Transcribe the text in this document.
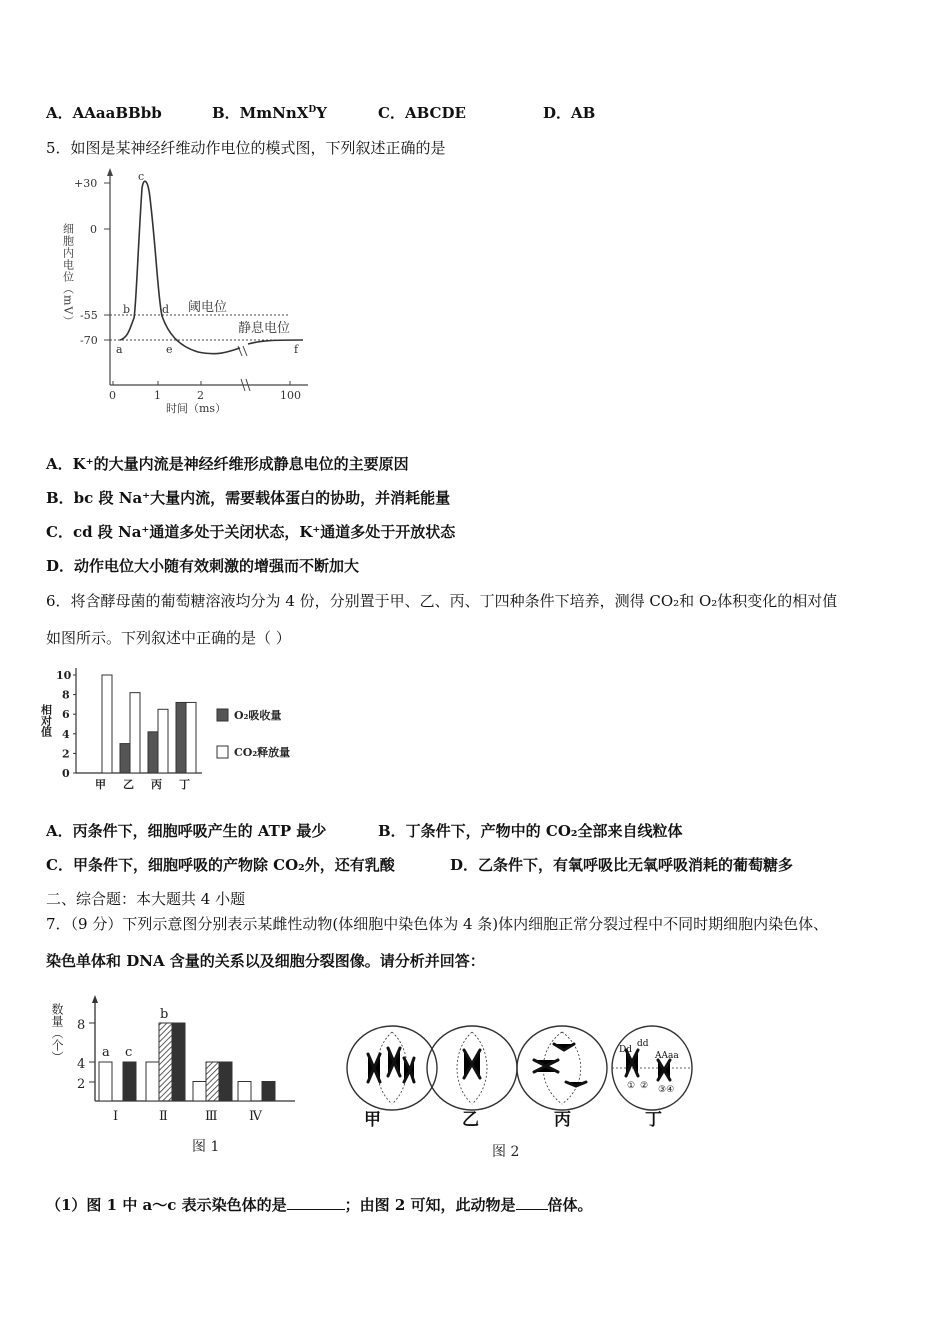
A．AAaaBBbb	B．MmNnX$^D$Y	C．ABCDE	D．AB
5．如图是某神经纤维动作电位的模式图，下列叙述正确的是
+30
0
-55
-70
细胞内电位（mV）
0	1	2	100
时间（ms）
c
b	d
a	e	f
阈电位
静息电位
A．K⁺的大量内流是神经纤维形成静息电位的主要原因
B．bc 段 Na⁺大量内流，需要载体蛋白的协助，并消耗能量
C．cd 段 Na⁺通道多处于关闭状态，K⁺通道多处于开放状态
D．动作电位大小随有效刺激的增强而不断加大
6．将含酵母菌的葡萄糖溶液均分为 4 份，分别置于甲、乙、丙、丁四种条件下培养，测得 CO₂和 O₂体积变化的相对值
如图所示。下列叙述中正确的是（ ）
相对值
0
2
4
6
8
10
甲 乙 丙 丁
O₂吸收量
CO₂释放量
A．丙条件下，细胞呼吸产生的 ATP 最少	B．丁条件下，产物中的 CO₂全部来自线粒体
C．甲条件下，细胞呼吸的产物除 CO₂外，还有乳酸	D．乙条件下，有氧呼吸比无氧呼吸消耗的葡萄糖多
二、综合题：本大题共 4 小题
7．（9 分）下列示意图分别表示某雌性动物(体细胞中染色体为 4 条)体内细胞正常分裂过程中不同时期细胞内染色体、
染色单体和 DNA 含量的关系以及细胞分裂图像。请分析并回答：
数量（个） 8
4
2
a c
b
Ⅰ	Ⅱ	Ⅲ Ⅳ
图 1
Dd
dd
AAaa
① ② ③④
甲	乙	丙	丁
图 2
（1）图 1 中 a～c 表示染色体的是	；由图 2 可知，此动物是 倍体。
